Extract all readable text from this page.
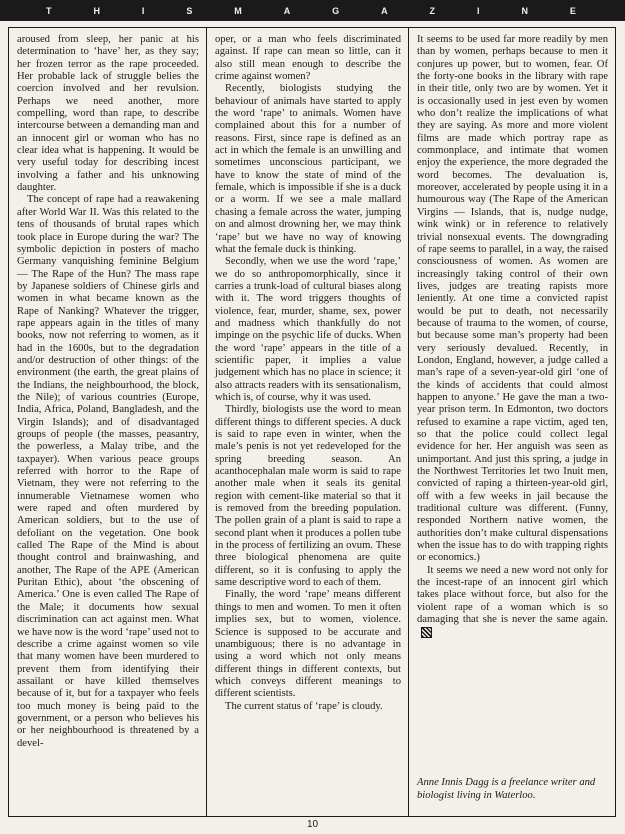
T	H	I	S	M	A	G	A	Z	I	N	E

aroused from sleep, her panic at his determination to ‘have’ her, as they say; her frozen terror as the rape proceeded. Her probable lack of struggle belies the coercion involved and her revulsion. Perhaps we need another, more compelling, word than rape, to describe intercourse between a demanding man and an innocent girl or woman who has no clear idea what is happening. It would be very useful today for describing incest involving a father and his unknowing daughter.

The concept of rape had a reawakening after World War II. Was this related to the tens of thousands of brutal rapes which took place in Europe during the war? The symbolic depiction in posters of macho Germany vanquishing feminine Belgium — The Rape of the Hun? The mass rape by Japanese soldiers of Chinese girls and women in what became known as the Rape of Nanking? Whatever the trigger, rape appears again in the titles of many books, now not referring to women, as it had in the 1600s, but to the degradation and/or destruction of other things: of the environment (the earth, the great plains of the Indians, the neighbourhood, the block, the Nile); of various countries (Europe, India, Africa, Poland, Bangladesh, and the Virgin Islands); and of disadvantaged groups of people (the masses, peasantry, the powerless, a Malay tribe, and the taxpayer). When various peace groups referred with horror to the Rape of Vietnam, they were not referring to the innumerable Vietnamese women who were raped and often murdered by American soldiers, but to the use of defoliant on the vegetation. One book called The Rape of the Mind is about thought control and brainwashing, and another, The Rape of the APE (American Puritan Ethic), about ‘the obscening of America.’ One is even called The Rape of the Male; it documents how sexual discrimination can act against men. What we have now is the word ‘rape’ used not to describe a crime against women so vile that many women have been murdered to prevent them from identifying their assailant or have killed themselves because of it, but for a taxpayer who feels too much money is being paid to the government, or a person who believes his or her neighbourhood is threatened by a devel-

oper, or a man who feels discriminated against. If rape can mean so little, can it also still mean enough to describe the crime against women?

Recently, biologists studying the behaviour of animals have started to apply the word ‘rape’ to animals. Women have complained about this for a number of reasons. First, since rape is defined as an act in which the female is an unwilling and sometimes unconscious participant, we have to know the state of mind of the female, which is impossible if she is a duck or a worm. If we see a male mallard chasing a female across the water, jumping on and almost drowning her, we may think ‘rape’ but we have no way of knowing what the female duck is thinking.

Secondly, when we use the word ‘rape,’ we do so anthropomorphically, since it carries a trunk-load of cultural biases along with it. The word triggers thoughts of violence, fear, murder, shame, sex, power and madness which thankfully do not impinge on the psychic life of ducks. When the word ‘rape’ appears in the title of a scientific paper, it implies a value judgement which has no place in science; it also attracts readers with its sensationalism, which is, of course, why it was used.

Thirdly, biologists use the word to mean different things to different species. A duck is said to rape even in winter, when the male’s penis is not yet redeveloped for the spring breeding season. An acanthocephalan male worm is said to rape another male when it seals its genital region with cement-like material so that it is removed from the breeding population. The pollen grain of a plant is said to rape a second plant when it produces a pollen tube in the process of fertilizing an ovum. These three biological phenomena are quite different, so it is confusing to apply the same descriptive word to each of them.

Finally, the word ‘rape’ means different things to men and women. To men it often implies sex, but to women, violence. Science is supposed to be accurate and unambiguous; there is no advantage in using a word which not only means different things in different contexts, but which conveys different meanings to different scientists.

The current status of ‘rape’ is cloudy.

It seems to be used far more readily by men than by women, perhaps because to men it conjures up power, but to women, fear. Of the forty-one books in the library with rape in their title, only two are by women. Yet it is occasionally used in jest even by women who don’t realize the implications of what they are saying. As more and more violent films are made which portray rape as commonplace, and intimate that women enjoy the experience, the more degraded the word becomes. The devaluation is, moreover, accelerated by people using it in a humourous way (The Rape of the American Virgins — Islands, that is, nudge nudge, wink wink) or in reference to relatively trivial nonsexual events. The downgrading of rape seems to parallel, in a way, the raised consciousness of women. As women are increasingly taking control of their own lives, judges are treating rapists more leniently. At one time a convicted rapist would be put to death, not necessarily because of trauma to the women, of course, but because some man’s property had been very seriously devalued. Recently, in London, England, however, a judge called a man’s rape of a seven-year-old girl ‘one of the kinds of accidents that could almost happen to anyone.’ He gave the man a two-year prison term. In Edmonton, two doctors refused to examine a rape victim, aged ten, so that the police could collect legal evidence for her. Her anguish was seen as unimportant. And just this spring, a judge in the Northwest Territories let two Inuit men, convicted of raping a thirteen-year-old girl, off with a few weeks in jail because the traditional culture was different. (Funny, responded Northern native women, the authorities don’t make cultural dispensations when the issue has to do with trapping rights or economics.)

It seems we need a new word not only for the incest-rape of an innocent girl which takes place without force, but also for the violent rape of a woman which is so damaging that she is never the same again.

Anne Innis Dagg is a freelance writer and biologist living in Waterloo.
10
